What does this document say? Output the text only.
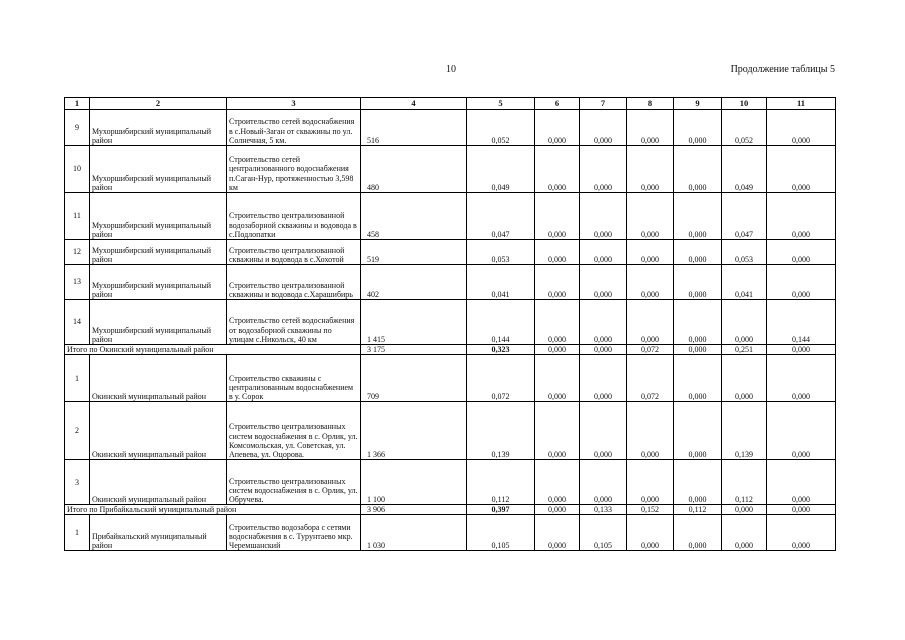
10	Продолжение таблицы 5
1	2	3	4	5	6	7	8	9	10	11
9	Мухоршибирский муниципальный район	Строительство сетей водоснабжения в с.Новый-Заган от скважины по ул. Солнечная, 5 км.	516	0,052	0,000	0,000	0,000	0,000	0,052	0,000
10	Мухоршибирский муниципальный район	Строительство сетей централизованного водоснабжения п.Саган-Нур, протяженностью 3,598 км	480	0,049	0,000	0,000	0,000	0,000	0,049	0,000
11	Мухоршибирский муниципальный район	Строительство централизованной водозаборной скважины и водовода в с.Подлопатки	458	0,047	0,000	0,000	0,000	0,000	0,047	0,000
12	Мухоршибирский муниципальный район	Строительство централизованной скважины и водовода в с.Хохотой	519	0,053	0,000	0,000	0,000	0,000	0,053	0,000
13	Мухоршибирский муниципальный район	Строительство централизованной скважины и водовода с.Харашибирь	402	0,041	0,000	0,000	0,000	0,000	0,041	0,000
14	Мухоршибирский муниципальный район	Строительство сетей водоснабжения от водозаборной скважины по улицам с.Никольск, 40 км	1 415	0,144	0,000	0,000	0,000	0,000	0,000	0,144
Итого по Окинский муниципальный район			3 175	0,323	0,000	0,000	0,072	0,000	0,251	0,000
1	Окинский муниципальный район	Строительство скважины с централизованным водоснабжением в у. Сорок	709	0,072	0,000	0,000	0,072	0,000	0,000	0,000
2	Окинский муниципальный район	Строительство централизованных систем водоснабжения в с. Орлик, ул. Комсомольская, ул. Советская, ул. Апевева, ул. Оцорова.	1 366	0,139	0,000	0,000	0,000	0,000	0,139	0,000
3	Окинский муниципальный район	Строительство централизованных систем водоснабжения в с. Орлик, ул. Обручева.	1 100	0,112	0,000	0,000	0,000	0,000	0,112	0,000
Итого по Прибайкальский муниципальный район			3 906	0,397	0,000	0,133	0,152	0,112	0,000	0,000
1	Прибайкальский муниципальный район	Строительство водозабора с сетями водоснабжения в с. Турунтаево мкр. Черемшанский	1 030	0,105	0,000	0,105	0,000	0,000	0,000	0,000
